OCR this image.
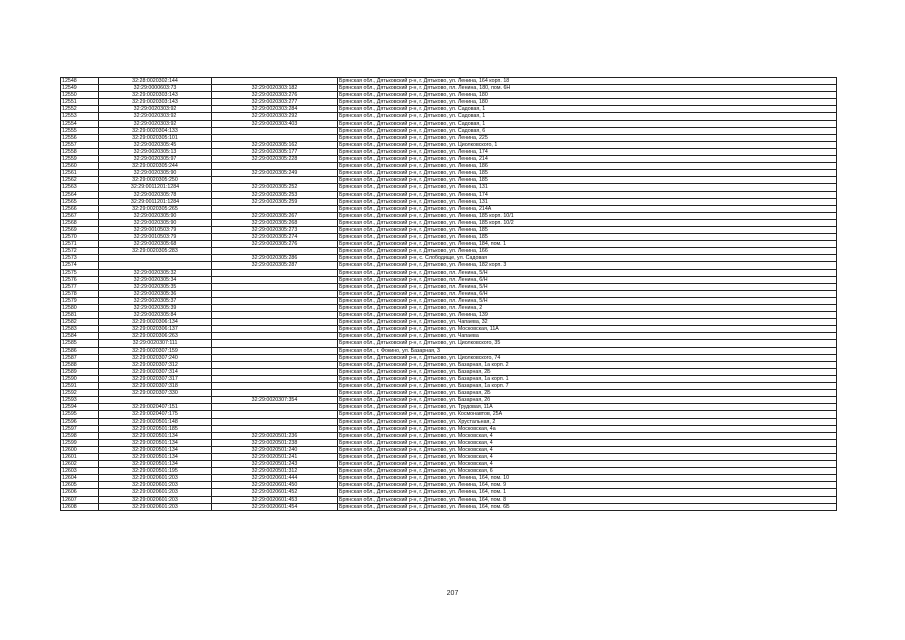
12548	32:28:0020302:144		Брянская обл., Дятьковский р-н, г. Дятьково, ул. Ленина, 164 корп. 18
12549	32:29:0000603:73	32:29:0020303:182	Брянская обл., Дятьковский р-н, г. Дятьково, пл. Ленина, 180, пом. 6Н
12550	32:29:0020303:143	32:29:0020303:276	Брянская обл., Дятьковский р-н, г. Дятьково, ул. Ленина, 180
12551	32:29:0020303:143	32:29:0020303:277	Брянская обл., Дятьковский р-н, г. Дятьково, ул. Ленина, 180
12552	32:29:0020303:92	32:29:0020303:284	Брянская обл., Дятьковский р-н, г. Дятьково, ул. Садовая, 1
12553	32:29:0020303:92	32:29:0020303:292	Брянская обл., Дятьковский р-н, г. Дятьково, ул. Садовая, 1
12554	32:29:0020303:92	32:29:0020303:403	Брянская обл., Дятьковский р-н, г. Дятьково, ул. Садовая, 1
12555	32:29:0020304:133		Брянская обл., Дятьковский р-н, г. Дятьково, ул. Садовая, 6
12556	32:29:0020305:101		Брянская обл., Дятьковский р-н, г. Дятьково, ул. Ленина, 225
12557	32:29:0020305:45	32:29:0020305:162	Брянская обл., Дятьковский р-н, г. Дятьково, ул. Циолковского, 1
12558	32:29:0020305:13	32:29:0020305:177	Брянская обл., Дятьковский р-н, г. Дятьково, ул. Ленина, 174
12559	32:29:0020305:97	32:29:0020305:228	Брянская обл., Дятьковский р-н, г. Дятьково, ул. Ленина, 214
12560	32:29:0020305:244		Брянская обл., Дятьковский р-н, г. Дятьково, ул. Ленина, 186
12561	32:29:0020305:90	32:29:0020305:249	Брянская обл., Дятьковский р-н, г. Дятьково, ул. Ленина, 185
12562	32:29:0020305:250		Брянская обл., Дятьковский р-н, г. Дятьково, ул. Ленина, 185
12563	32:29:0011201:1284	32:29:0020305:252	Брянская обл., Дятьковский р-н, г. Дятьково, ул. Ленина, 131
12564	32:29:0020305:78	32:29:0020305:253	Брянская обл., Дятьковский р-н, г. Дятьково, ул. Ленина, 174
12565	32:29:0011201:1284	32:29:0020305:259	Брянская обл., Дятьковский р-н, г. Дятьково, ул. Ленина, 131
12566	32:29:0020305:265		Брянская обл., Дятьковский р-н, г. Дятьково, ул. Ленина, 214А
12567	32:29:0020305:90	32:29:0020305:267	Брянская обл., Дятьковский р-н, г. Дятьково, ул. Ленина, 185 корп. 10/1
12568	32:29:0020305:90	32:29:0020305:268	Брянская обл., Дятьковский р-н, г. Дятьково, ул. Ленина, 185 корп. 10/2
12569	32:29:0010503:79	32:29:0020305:273	Брянская обл., Дятьковский р-н, г. Дятьково, ул. Ленина, 185
12570	32:29:0010503:79	32:29:0020305:274	Брянская обл., Дятьковский р-н, г. Дятьково, ул. Ленина, 185
12571	32:29:0020305:68	32:29:0020305:276	Брянская обл., Дятьковский р-н, г. Дятьково, ул. Ленина, 184, пом. 1
12572	32:29:0020305:283		Брянская обл., Дятьковский р-н, г. Дятьково, ул. Ленина, 166
12573		32:29:0020305:286	Брянская обл., Дятьковский р-н, с. Слободище, ул. Садовая
12574		32:29:0020305:287	Брянская обл., Дятьковский р-н, г. Дятьково, ул. Ленина, 182 корп. 3
12575	32:29:0020305:32		Брянская обл., Дятьковский р-н, г. Дятьково, пл. Ленина, 5/Н
12576	32:29:0020305:34		Брянская обл., Дятьковский р-н, г. Дятьково, пл. Ленина, 6/Н
12577	32:29:0020305:35		Брянская обл., Дятьковский р-н, г. Дятьково, пл. Ленина, 5/Н
12578	32:29:0020305:36		Брянская обл., Дятьковский р-н, г. Дятьково, пл. Ленина, 6/Н
12579	32:29:0020305:37		Брянская обл., Дятьковский р-н, г. Дятьково, пл. Ленина, 5/Н
12580	32:29:0020305:39		Брянская обл., Дятьковский р-н, г. Дятьково, пл. Ленина, 2
12581	32:29:0020305:84		Брянская обл., Дятьковский р-н, г. Дятьково, ул. Ленина, 139
12582	32:29:0020306:134		Брянская обл., Дятьковский р-н, г. Дятьково, ул. Чапаева, 32
12583	32:29:0020306:137		Брянская обл., Дятьковский р-н, г. Дятьково, ул. Московская, 11А
12584	32:29:0020306:263		Брянская обл., Дятьковский р-н, г. Дятьково, ул. Чапаева
12585	32:29:0020307:111		Брянская обл., Дятьковский р-н, г. Дятьково, ул. Циолковского, 35
12586	32:29:0020307:159		Брянская обл., г. Фокино, ул. Базарная, 3
12587	32:29:0020307:240		Брянская обл., Дятьковский р-н, г. Дятьково, ул. Циолковского, 74
12588	32:29:0020307:312		Брянская обл., Дятьковский р-н, г. Дятьково, ул. Базарная, 1а корп. 2
12589	32:29:0020307:314		Брянская обл., Дятьковский р-н, г. Дятьково, ул. Базарная, 2Б
12590	32:29:0020307:317		Брянская обл., Дятьковский р-н, г. Дятьково, ул. Базарная, 1а корп. 1
12591	32:29:0020307:318		Брянская обл., Дятьковский р-н, г. Дятьково, ул. Базарная, 1а корп. 7
12592	32:29:0020307:330		Брянская обл., Дятьковский р-н, г. Дятьково, ул. Базарная, 2Б
12593		32:29:0020307:354	Брянская обл., Дятьковский р-н, г. Дятьково, ул. Базарная, 2б
12594	32:29:0020407:151		Брянская обл., Дятьковский р-н, г. Дятьково, ул. Трудовая, 11А
12595	32:29:0020407:175		Брянская обл., Дятьковский р-н, г. Дятьково, ул. Космонавтов, 25А
12596	32:29:0020501:148		Брянская обл., Дятьковский р-н, г. Дятьково, ул. Хрустальная, 2
12597	32:29:0020501:185		Брянская обл., Дятьковский р-н, г. Дятьково, ул. Московская, 4а
12598	32:29:0020501:134	32:29:0020501:236	Брянская обл., Дятьковский р-н, г. Дятьково, ул. Московская, 4
12599	32:29:0020501:134	32:29:0020501:238	Брянская обл., Дятьковский р-н, г. Дятьково, ул. Московская, 4
12600	32:29:0020501:134	32:29:0020501:240	Брянская обл., Дятьковский р-н, г. Дятьково, ул. Московская, 4
12601	32:29:0020501:134	32:29:0020501:241	Брянская обл., Дятьковский р-н, г. Дятьково, ул. Московская, 4
12602	32:29:0020501:134	32:29:0020501:243	Брянская обл., Дятьковский р-н, г. Дятьково, ул. Московская, 4
12603	32:29:0020501:195	32:29:0020501:312	Брянская обл., Дятьковский р-н, г. Дятьково, ул. Московская, 6
12604	32:29:0020601:203	32:29:0020601:444	Брянская обл., Дятьковский р-н, г. Дятьково, ул. Ленина, 164, пом. 10
12605	32:29:0020601:203	32:29:0020601:450	Брянская обл., Дятьковский р-н, г. Дятьково, ул. Ленина, 164, пом. 9
12606	32:29:0020601:203	32:29:0020601:452	Брянская обл., Дятьковский р-н, г. Дятьково, ул. Ленина, 164, пом. 1
12607	32:29:0020601:203	32:29:0020601:453	Брянская обл., Дятьковский р-н, г. Дятьково, ул. Ленина, 164, пом. 8
12608	32:29:0020601:203	32:29:0020601:454	Брянская обл., Дятьковский р-н, г. Дятьково, ул. Ленина, 164, пом. 6Б
207
